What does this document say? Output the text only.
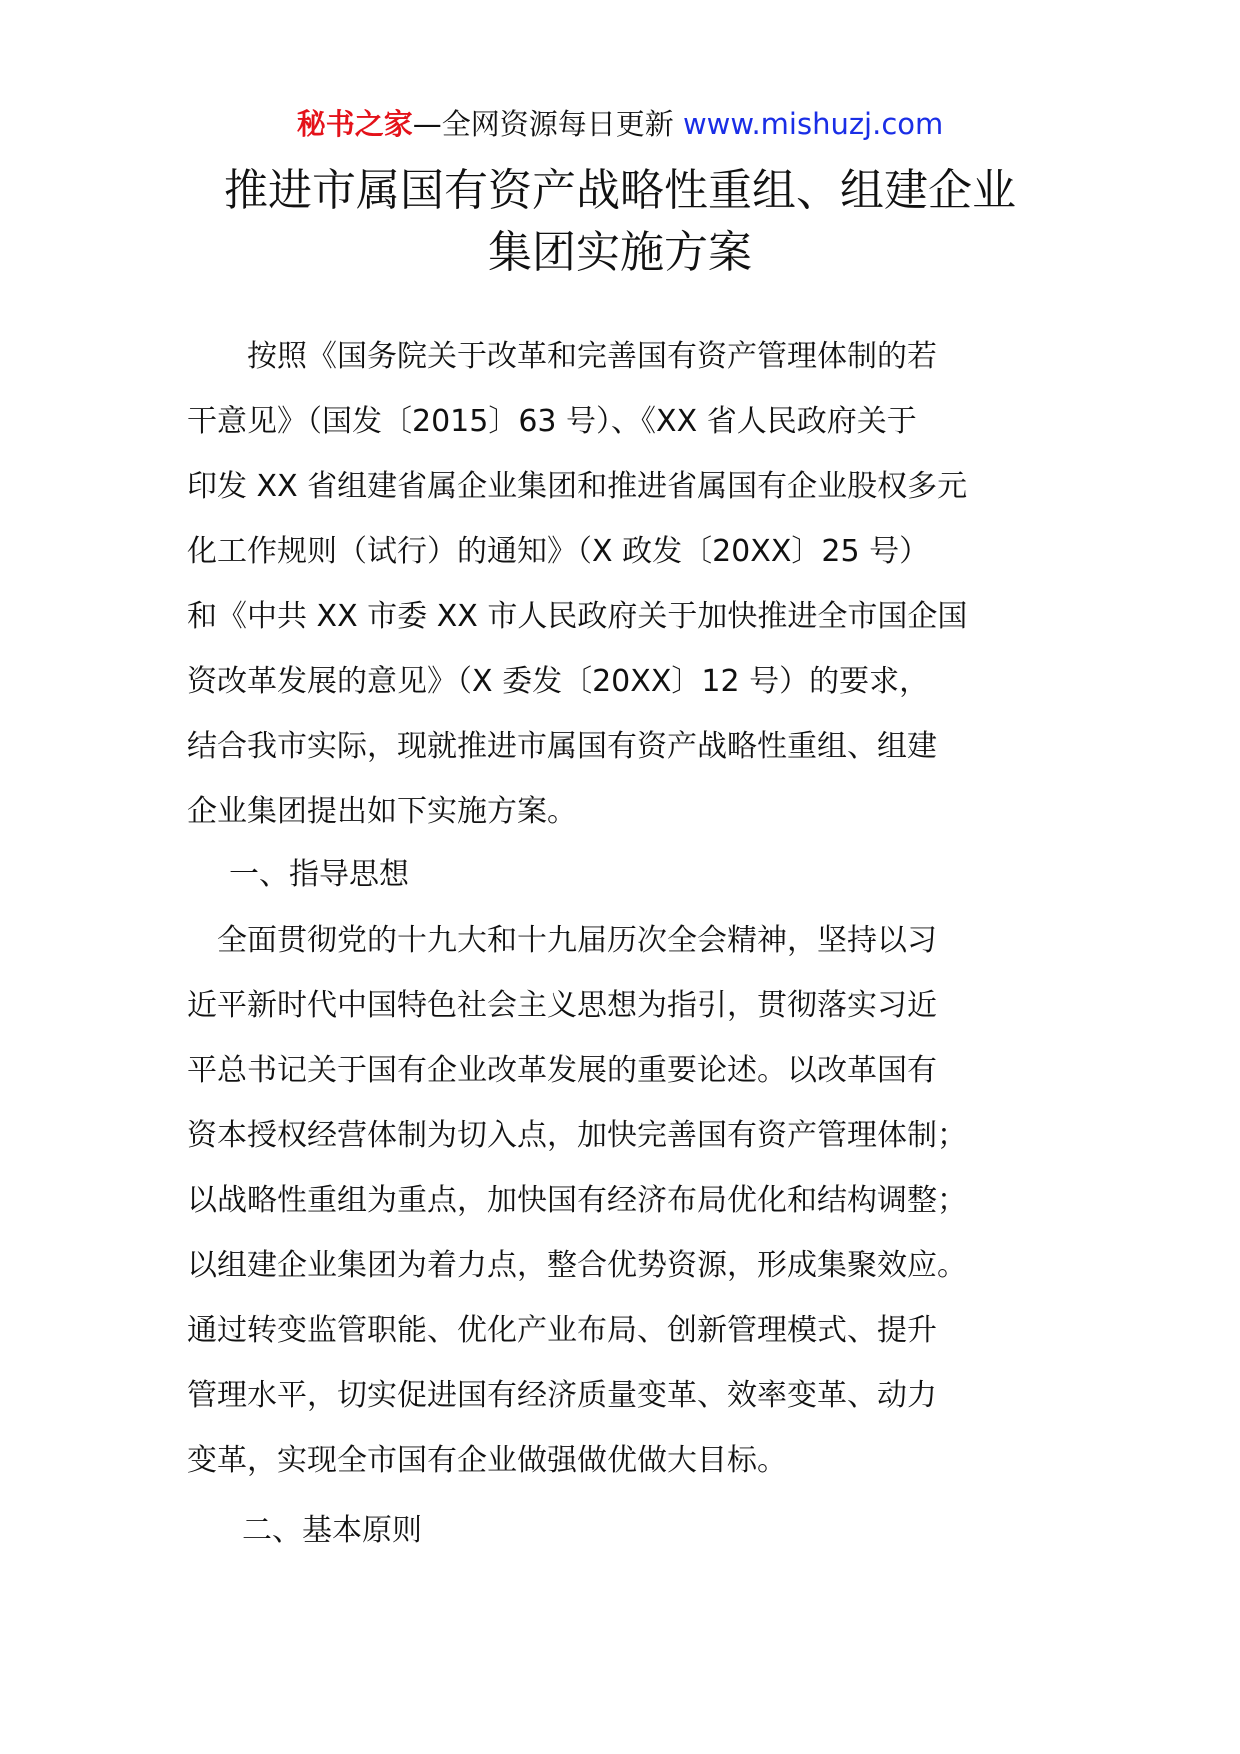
秘书之家—全网资源每日更新 www.mishuzj.com
推进市属国有资产战略性重组、组建企业
集团实施方案
　　按照《国务院关于改革和完善国有资产管理体制的若
干意见》（国发〔2015〕63 号）、《XX 省人民政府关于
印发 XX 省组建省属企业集团和推进省属国有企业股权多元
化工作规则（试行）的通知》（X 政发〔20XX〕25 号）
和《中共 XX 市委 XX 市人民政府关于加快推进全市国企国
资改革发展的意见》（X 委发〔20XX〕12 号）的要求，
结合我市实际，现就推进市属国有资产战略性重组、组建
企业集团提出如下实施方案。
一、指导思想
　全面贯彻党的十九大和十九届历次全会精神，坚持以习
近平新时代中国特色社会主义思想为指引，贯彻落实习近
平总书记关于国有企业改革发展的重要论述。以改革国有
资本授权经营体制为切入点，加快完善国有资产管理体制；
以战略性重组为重点，加快国有经济布局优化和结构调整；
以组建企业集团为着力点，整合优势资源，形成集聚效应。
通过转变监管职能、优化产业布局、创新管理模式、提升
管理水平，切实促进国有经济质量变革、效率变革、动力
变革，实现全市国有企业做强做优做大目标。
二、基本原则
